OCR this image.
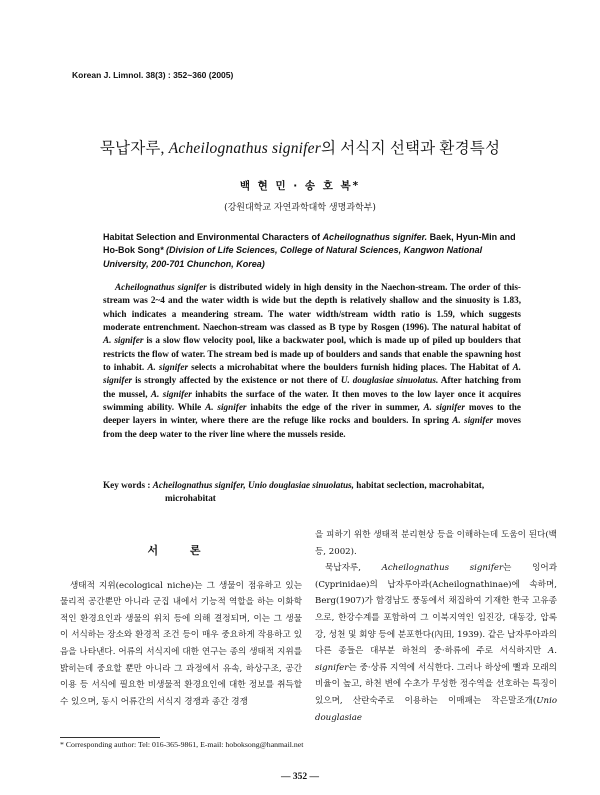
Korean J. Limnol. 38(3) : 352~360 (2005)
묵납자루, Acheilognathus signifer의 서식지 선택과 환경특성
백 현 민 · 송 호 복*
(강원대학교 자연과학대학 생명과학부)
Habitat Selection and Environmental Characters of Acheilognathus signifer. Baek, Hyun-Min and Ho-Bok Song* (Division of Life Sciences, College of Natural Sciences, Kangwon National University, 200-701 Chunchon, Korea)

Acheilognathus signifer is distributed widely in high density in the Naechon-stream. The order of this-stream was 2~4 and the water width is wide but the depth is relatively shallow and the sinuosity is 1.83, which indicates a meandering stream. The water width/stream width ratio is 1.59, which suggests moderate entrenchment. Naechon-stream was classed as B type by Rosgen (1996). The natural habitat of A. signifer is a slow flow velocity pool, like a backwater pool, which is made up of piled up boulders that restricts the flow of water. The stream bed is made up of boulders and sands that enable the spawning host to inhabit. A. signifer selects a microhabitat where the boulders furnish hiding places. The Habitat of A. signifer is strongly affected by the existence or not there of U. douglasiae sinuolatus. After hatching from the mussel, A. signifer inhabits the surface of the water. It then moves to the low layer once it acquires swimming ability. While A. signifer inhabits the edge of the river in summer, A. signifer moves to the deeper layers in winter, where there are the refuge like rocks and boulders. In spring A. signifer moves from the deep water to the river line where the mussels reside.

Key words : Acheilognathus signifer, Unio douglasiae sinuolatus, habitat seclection, macrohabitat, microhabitat
서 론

생태적 지위(ecological niche)는 그 생물이 점유하고 있는 물리적 공간뿐만 아니라 군집 내에서 기능적 역할을 하는 이화학적인 환경요인과 생물의 위치 등에 의해 결정되며, 이는 그 생물이 서식하는 장소와 환경적 조건 등이 매우 중요하게 작용하고 있음을 나타낸다. 어류의 서식지에 대한 연구는 종의 생태적 지위를 밝히는데 중요할 뿐만 아니라 그 과정에서 유속, 하상구조, 공간이용 등 서식에 필요한 비생물적 환경요인에 대한 정보를 취득할 수 있으며, 동시 어류간의 서식지 경쟁과 종간 경쟁

을 피하기 위한 생태적 분리현상 등을 이해하는데 도움이 된다(백 등, 2002).

묵납자루, Acheilognathus signifer는 잉어과(Cyprinidae)의 납자루아과(Acheilognathinae)에 속하며, Berg(1907)가 함경남도 풍동에서 채집하여 기재한 한국 고유종으로, 한강수계를 포함하여 그 이북지역인 임진강, 대동강, 압록강, 성천 및 회양 등에 분포한다(內田, 1939). 같은 납자루아과의 다른 종들은 대부분 하천의 중·하류에 주로 서식하지만 A. signifer는 중·상류 지역에 서식한다. 그러나 하상에 뻘과 모래의 비율이 높고, 하천 변에 수초가 무성한 정수역을 선호하는 특징이 있으며, 산란숙주로 이용하는 이매패는 작은말조개(Unio douglasiae

* Corresponding author: Tel: 016-365-9861, E-mail: hoboksong@hanmail.net
— 352 —
